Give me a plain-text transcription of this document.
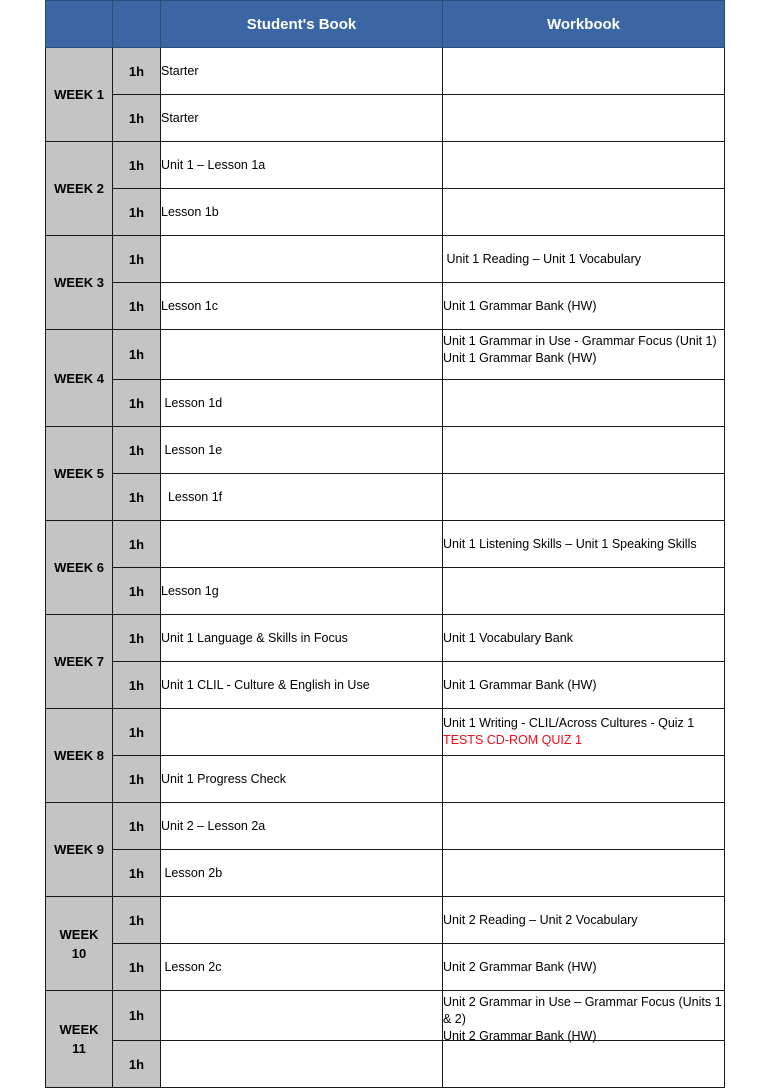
		Student's Book	Workbook

WEEK 1	1h	Starter	

	1h	Starter	

WEEK 2	1h	Unit 1 – Lesson 1a	

	1h	Lesson 1b	

WEEK 3	1h		Unit 1 Reading – Unit 1 Vocabulary

	1h	Lesson 1c	Unit 1 Grammar Bank (HW)

WEEK 4	1h		Unit 1 Grammar in Use - Grammar Focus (Unit 1)
Unit 1 Grammar Bank (HW)

	1h	Lesson 1d	

WEEK 5	1h	Lesson 1e	

	1h	Lesson 1f	

WEEK 6	1h		Unit 1 Listening Skills – Unit 1 Speaking Skills

	1h	Lesson 1g	

WEEK 7	1h	Unit 1 Language & Skills in Focus	Unit 1 Vocabulary Bank

	1h	Unit 1 CLIL - Culture & English in Use	Unit 1 Grammar Bank (HW)

WEEK 8	1h		Unit 1 Writing - CLIL/Across Cultures - Quiz 1
TESTS CD-ROM QUIZ 1

	1h	Unit 1 Progress Check	

WEEK 9	1h	Unit 2 – Lesson 2a	

	1h	Lesson 2b	

WEEK 10	1h		Unit 2 Reading – Unit 2 Vocabulary

	1h	Lesson 2c	Unit 2 Grammar Bank (HW)

WEEK 11	1h		Unit 2 Grammar in Use – Grammar Focus (Units 1 & 2)
Unit 2 Grammar Bank (HW)

	1h		
